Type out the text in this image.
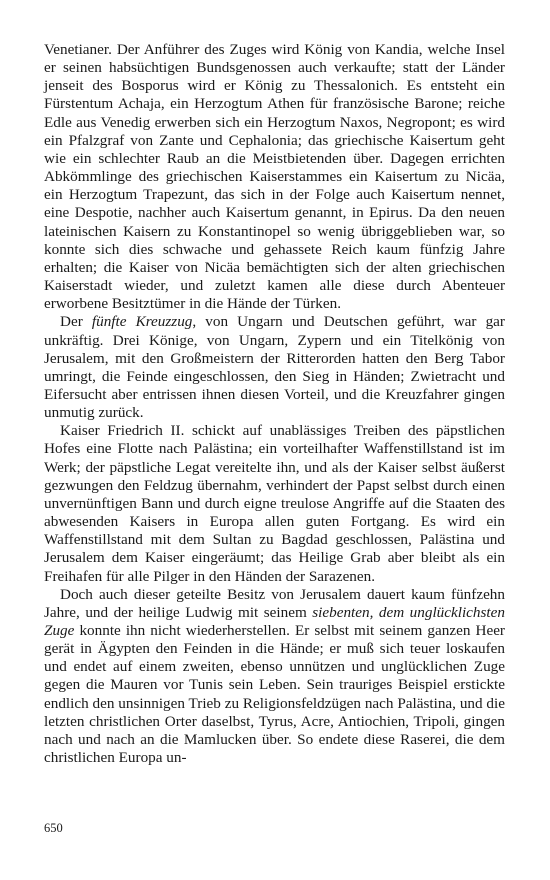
Venetianer. Der Anführer des Zuges wird König von Kandia, welche Insel er seinen habsüchtigen Bundsgenossen auch verkaufte; statt der Länder jenseit des Bosporus wird er König zu Thessalonich. Es entsteht ein Fürstentum Achaja, ein Herzogtum Athen für französische Barone; reiche Edle aus Venedig erwerben sich ein Herzogtum Naxos, Negropont; es wird ein Pfalzgraf von Zante und Cephalonia; das griechische Kaisertum geht wie ein schlechter Raub an die Meistbietenden über. Dagegen errichten Abkömmlinge des griechischen Kaiserstammes ein Kaisertum zu Nicäa, ein Herzogtum Trapezunt, das sich in der Folge auch Kaisertum nennet, eine Despotie, nachher auch Kaisertum genannt, in Epirus. Da den neuen lateinischen Kaisern zu Konstantinopel so wenig übriggeblieben war, so konnte sich dies schwache und gehassete Reich kaum fünfzig Jahre erhalten; die Kaiser von Nicäa bemächtigten sich der alten griechischen Kaiserstadt wieder, und zuletzt kamen alle diese durch Abenteuer erworbene Besitztümer in die Hände der Türken.

Der fünfte Kreuzzug, von Ungarn und Deutschen geführt, war gar unkräftig. Drei Könige, von Ungarn, Zypern und ein Titelkönig von Jerusalem, mit den Großmeistern der Ritterorden hatten den Berg Tabor umringt, die Feinde eingeschlossen, den Sieg in Händen; Zwietracht und Eifersucht aber entrissen ihnen diesen Vorteil, und die Kreuzfahrer gingen unmutig zurück.

Kaiser Friedrich II. schickt auf unablässiges Treiben des päpstlichen Hofes eine Flotte nach Palästina; ein vorteilhafter Waffenstillstand ist im Werk; der päpstliche Legat vereitelte ihn, und als der Kaiser selbst äußerst gezwungen den Feldzug übernahm, verhindert der Papst selbst durch einen unvernünftigen Bann und durch eigne treulose Angriffe auf die Staaten des abwesenden Kaisers in Europa allen guten Fortgang. Es wird ein Waffenstillstand mit dem Sultan zu Bagdad geschlossen, Palästina und Jerusalem dem Kaiser eingeräumt; das Heilige Grab aber bleibt als ein Freihafen für alle Pilger in den Händen der Sarazenen.

Doch auch dieser geteilte Besitz von Jerusalem dauert kaum fünfzehn Jahre, und der heilige Ludwig mit seinem siebenten, dem unglücklichsten Zuge konnte ihn nicht wiederherstellen. Er selbst mit seinem ganzen Heer gerät in Ägypten den Feinden in die Hände; er muß sich teuer loskaufen und endet auf einem zweiten, ebenso unnützen und unglücklichen Zuge gegen die Mauren vor Tunis sein Leben. Sein trauriges Beispiel erstickte endlich den unsinnigen Trieb zu Religionsfeldzügen nach Palästina, und die letzten christlichen Orter daselbst, Tyrus, Acre, Antiochien, Tripoli, gingen nach und nach an die Mamlucken über. So endete diese Raserei, die dem christlichen Europa un-

650
